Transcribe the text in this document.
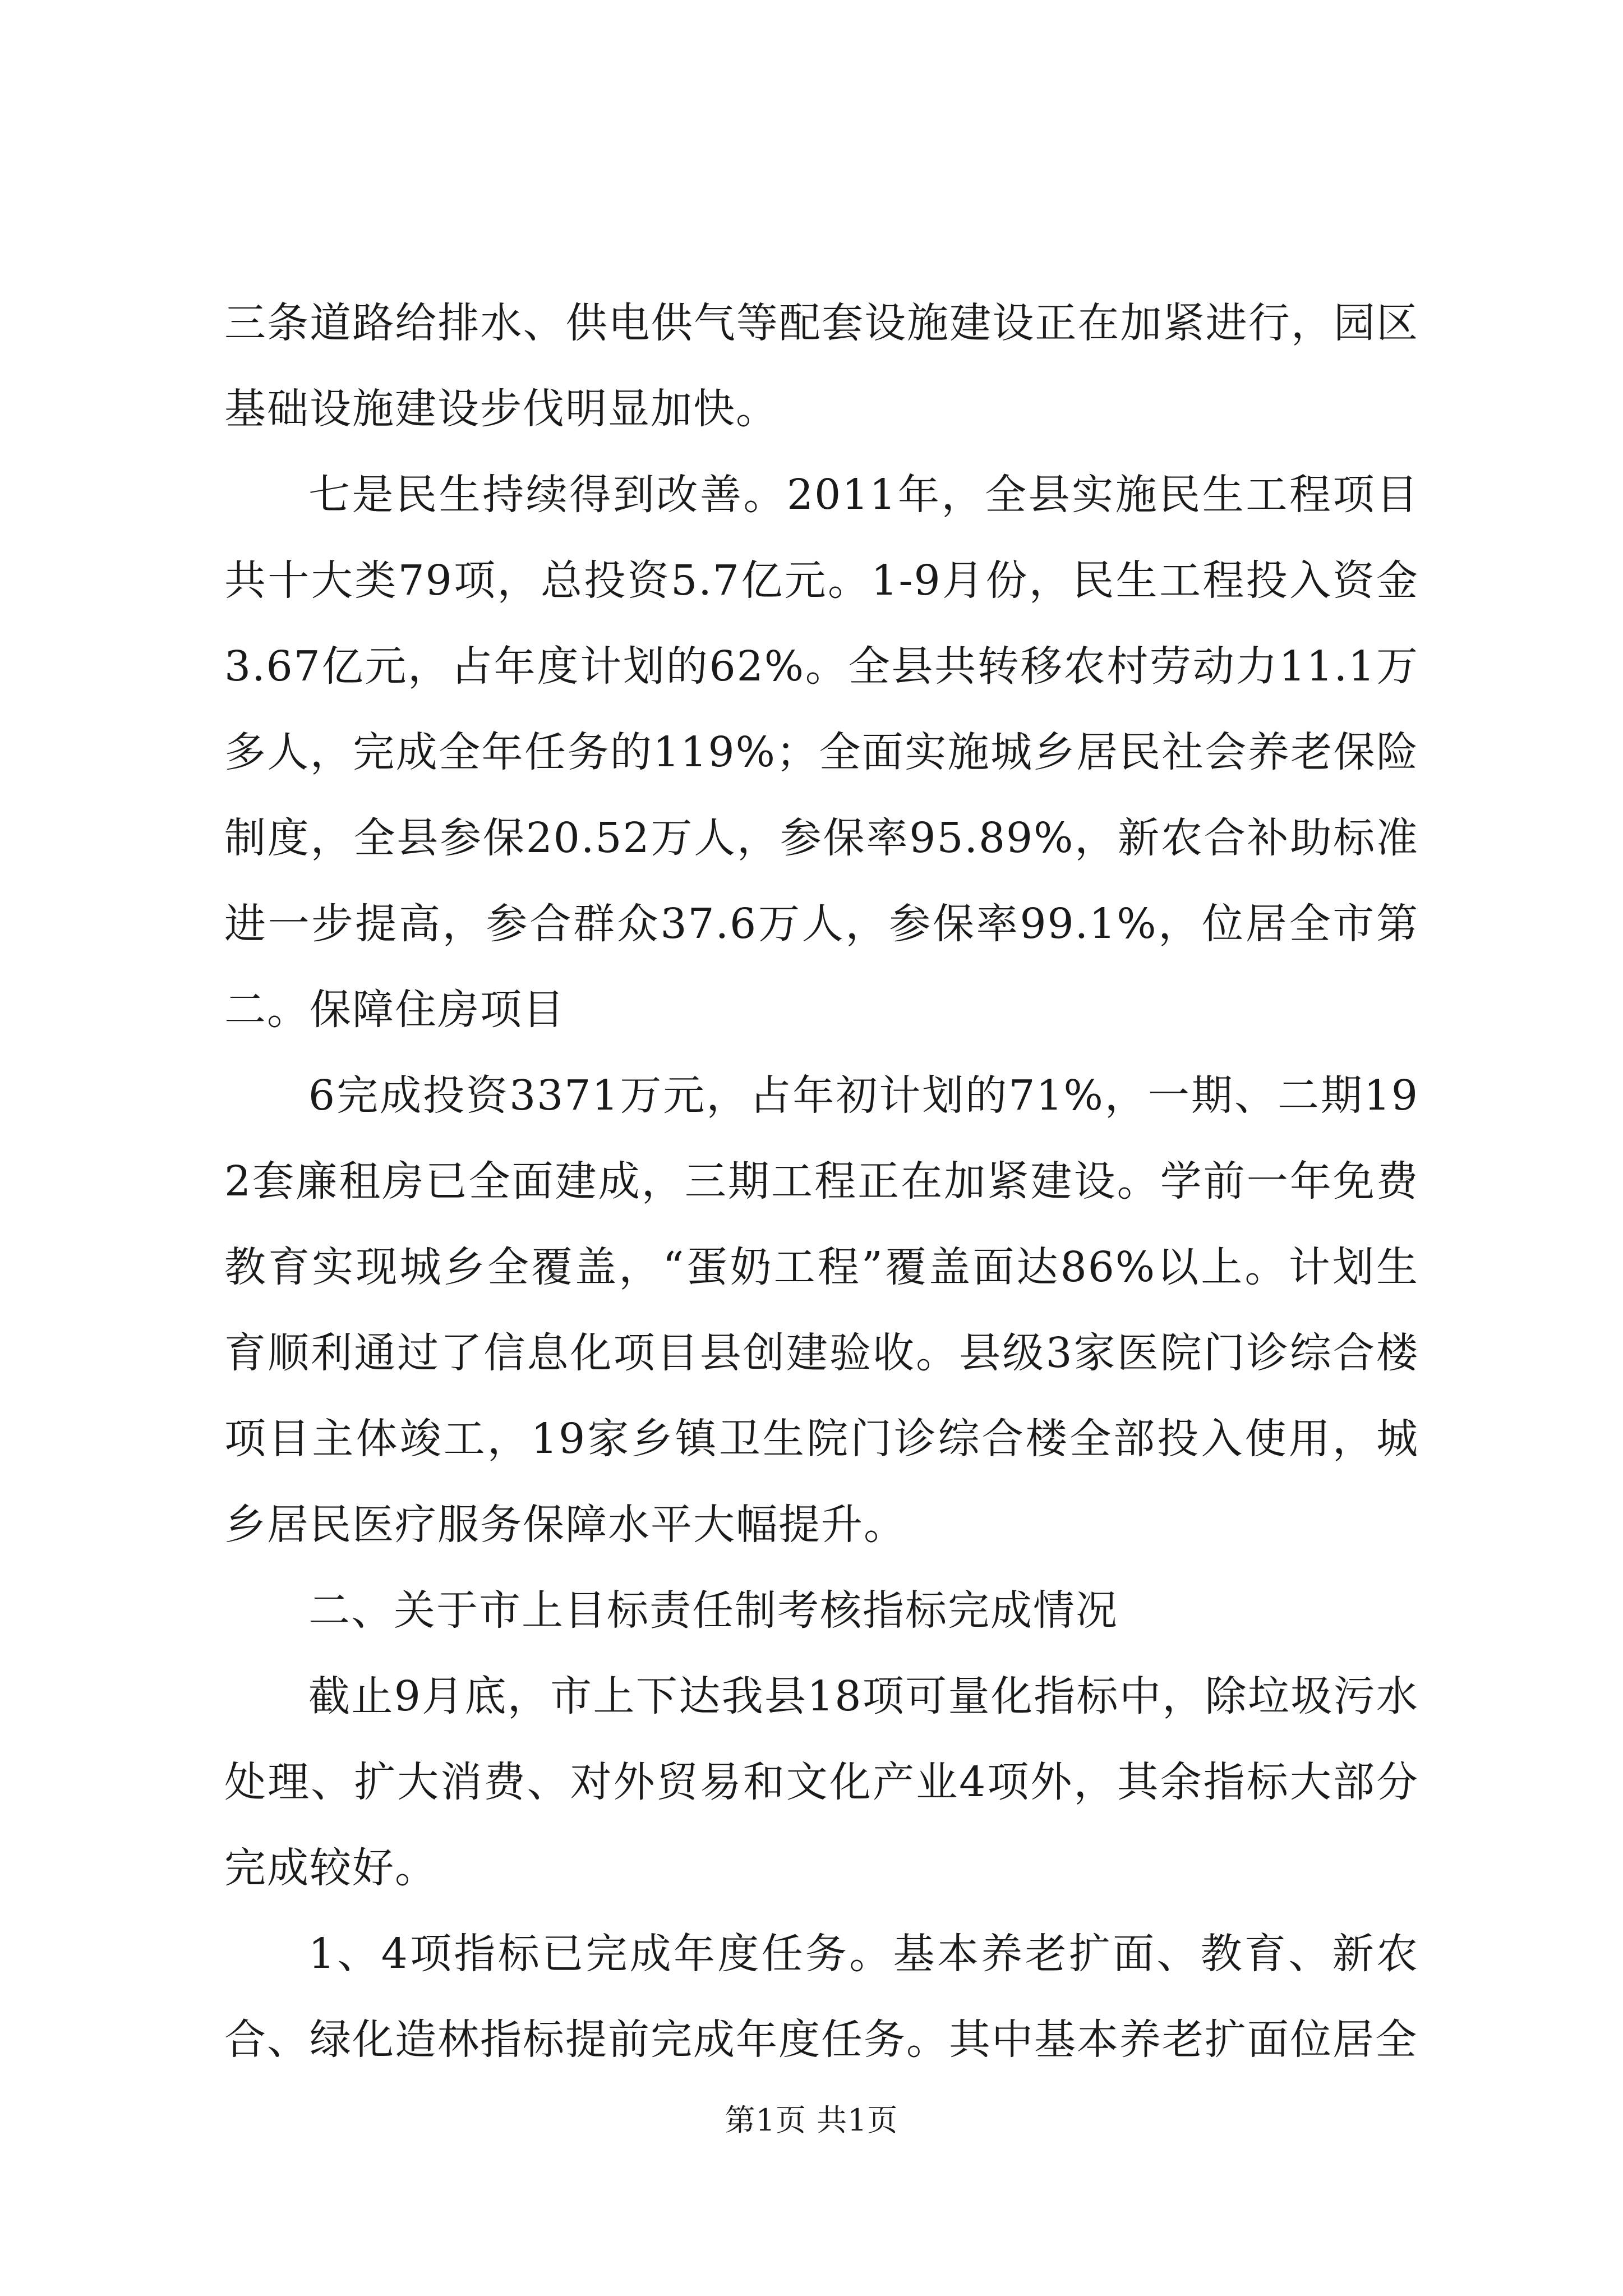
三条道路给排水、供电供气等配套设施建设正在加紧进行，园区基础设施建设步伐明显加快。

七是民生持续得到改善。2011年，全县实施民生工程项目共十大类79项，总投资5.7亿元。1-9月份，民生工程投入资金3.67亿元，占年度计划的62%。全县共转移农村劳动力11.1万多人，完成全年任务的119%；全面实施城乡居民社会养老保险制度，全县参保20.52万人，参保率95.89%，新农合补助标准进一步提高，参合群众37.6万人，参保率99.1%，位居全市第二。保障住房项目

6完成投资3371万元，占年初计划的71%，一期、二期192套廉租房已全面建成，三期工程正在加紧建设。学前一年免费教育实现城乡全覆盖，“蛋奶工程”覆盖面达86%以上。计划生育顺利通过了信息化项目县创建验收。县级3家医院门诊综合楼项目主体竣工，19家乡镇卫生院门诊综合楼全部投入使用，城乡居民医疗服务保障水平大幅提升。

二、关于市上目标责任制考核指标完成情况

截止9月底，市上下达我县18项可量化指标中，除垃圾污水处理、扩大消费、对外贸易和文化产业4项外，其余指标大部分完成较好。

1、4项指标已完成年度任务。基本养老扩面、教育、新农合、绿化造林指标提前完成年度任务。其中基本养老扩面位居全

第1页 共1页
